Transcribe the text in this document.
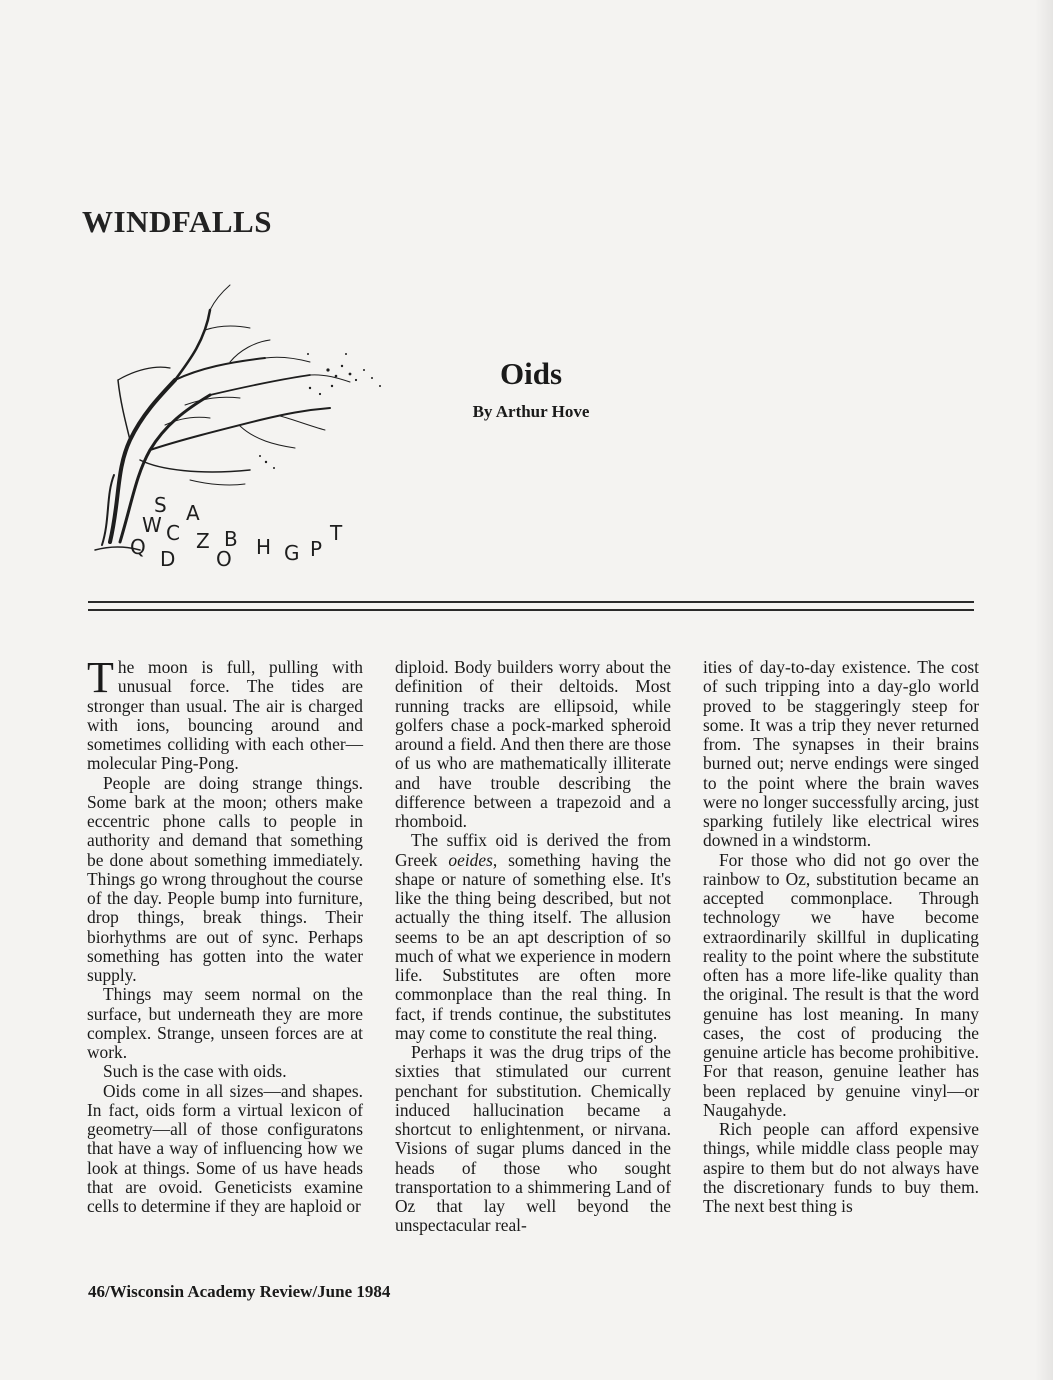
WINDFALLS
S A
W C Z B
Q D O H G P
T
Oids
By Arthur Hove

The moon is full, pulling with unusual force. The tides are stronger than usual. The air is charged with ions, bouncing around and sometimes colliding with each other—molecular Ping-Pong.

People are doing strange things. Some bark at the moon; others make eccentric phone calls to people in authority and demand that something be done about something immediately. Things go wrong throughout the course of the day. People bump into furniture, drop things, break things. Their biorhythms are out of sync. Perhaps something has gotten into the water supply.

Things may seem normal on the surface, but underneath they are more complex. Strange, unseen forces are at work.

Such is the case with oids.

Oids come in all sizes—and shapes. In fact, oids form a virtual lexicon of geometry—all of those configuratons that have a way of influencing how we look at things. Some of us have heads that are ovoid. Geneticists examine cells to determine if they are haploid or

diploid. Body builders worry about the definition of their deltoids. Most running tracks are ellipsoid, while golfers chase a pock-marked spheroid around a field. And then there are those of us who are mathematically illiterate and have trouble describing the difference between a trapezoid and a rhomboid.

The suffix oid is derived the from Greek oeides, something having the shape or nature of something else. It's like the thing being described, but not actually the thing itself. The allusion seems to be an apt description of so much of what we experience in modern life. Substitutes are often more commonplace than the real thing. In fact, if trends continue, the substitutes may come to constitute the real thing.

Perhaps it was the drug trips of the sixties that stimulated our current penchant for substitution. Chemically induced hallucination became a shortcut to enlightenment, or nirvana. Visions of sugar plums danced in the heads of those who sought transportation to a shimmering Land of Oz that lay well beyond the unspectacular real-

ities of day-to-day existence. The cost of such tripping into a day-glo world proved to be staggeringly steep for some. It was a trip they never returned from. The synapses in their brains burned out; nerve endings were singed to the point where the brain waves were no longer successfully arcing, just sparking futilely like electrical wires downed in a windstorm.

For those who did not go over the rainbow to Oz, substitution became an accepted commonplace. Through technology we have become extraordinarily skillful in duplicating reality to the point where the substitute often has a more life-like quality than the original. The result is that the word genuine has lost meaning. In many cases, the cost of producing the genuine article has become prohibitive. For that reason, genuine leather has been replaced by genuine vinyl—or Naugahyde.

Rich people can afford expensive things, while middle class people may aspire to them but do not always have the discretionary funds to buy them. The next best thing is

46/Wisconsin Academy Review/June 1984
